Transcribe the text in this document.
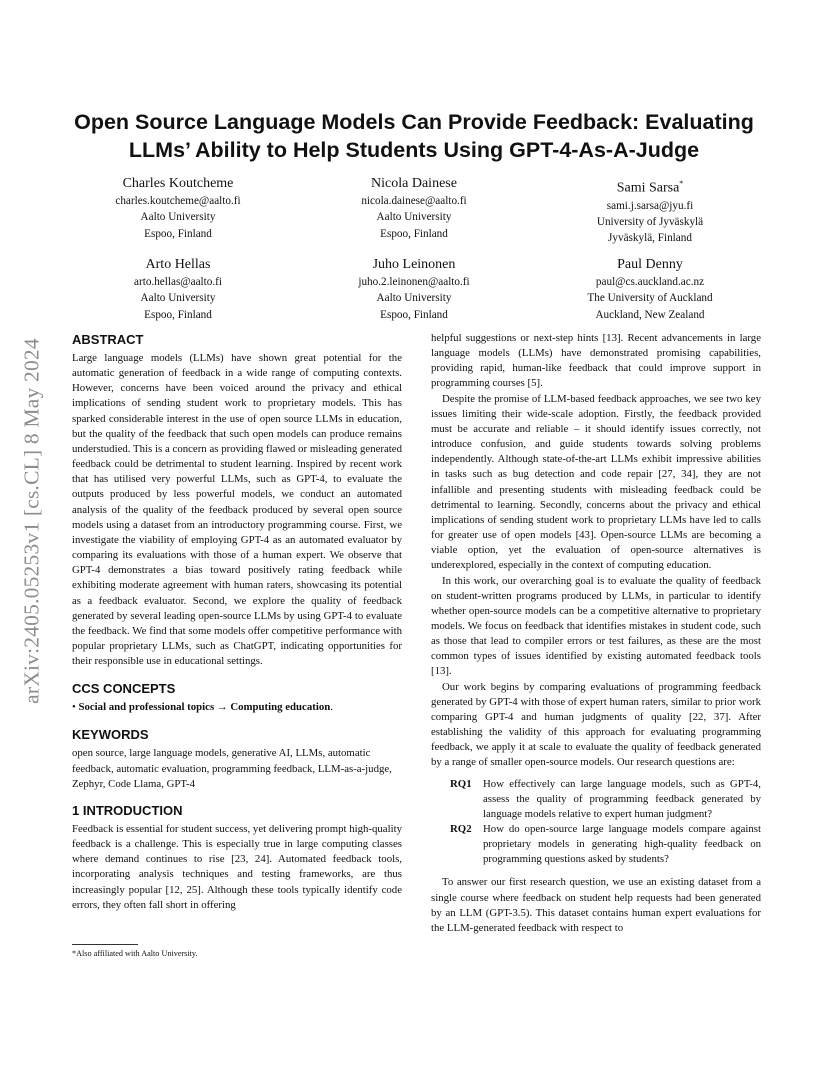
Open Source Language Models Can Provide Feedback: Evaluating LLMs’ Ability to Help Students Using GPT-4-As-A-Judge
Charles Koutcheme
charles.koutcheme@aalto.fi
Aalto University
Espoo, Finland
Nicola Dainese
nicola.dainese@aalto.fi
Aalto University
Espoo, Finland
Sami Sarsa*
sami.j.sarsa@jyu.fi
University of Jyväskylä
Jyväskylä, Finland
Arto Hellas
arto.hellas@aalto.fi
Aalto University
Espoo, Finland
Juho Leinonen
juho.2.leinonen@aalto.fi
Aalto University
Espoo, Finland
Paul Denny
paul@cs.auckland.ac.nz
The University of Auckland
Auckland, New Zealand
arXiv:2405.05253v1 [cs.CL] 8 May 2024 ABSTRACT

Large language models (LLMs) have shown great potential for the automatic generation of feedback in a wide range of computing contexts. However, concerns have been voiced around the privacy and ethical implications of sending student work to proprietary models. This has sparked considerable interest in the use of open source LLMs in education, but the quality of the feedback that such open models can produce remains understudied. This is a concern as providing flawed or misleading generated feedback could be detrimental to student learning. Inspired by recent work that has utilised very powerful LLMs, such as GPT-4, to evaluate the outputs produced by less powerful models, we conduct an automated analysis of the quality of the feedback produced by several open source models using a dataset from an introductory programming course. First, we investigate the viability of employing GPT-4 as an automated evaluator by comparing its evaluations with those of a human expert. We observe that GPT-4 demonstrates a bias toward positively rating feedback while exhibiting moderate agreement with human raters, showcasing its potential as a feedback evaluator. Second, we explore the quality of feedback generated by several leading open-source LLMs by using GPT-4 to evaluate the feedback. We find that some models offer competitive performance with popular proprietary LLMs, such as ChatGPT, indicating opportunities for their responsible use in educational settings.

CCS CONCEPTS

• Social and professional topics → Computing education.

KEYWORDS

open source, large language models, generative AI, LLMs, automatic feedback, automatic evaluation, programming feedback, LLM-as-a-judge, Zephyr, Code Llama, GPT-4

1 INTRODUCTION

Feedback is essential for student success, yet delivering prompt high-quality feedback is a challenge. This is especially true in large computing classes where demand continues to rise [23, 24]. Automated feedback tools, incorporating analysis techniques and testing frameworks, are thus increasingly popular [12, 25]. Although these tools typically identify code errors, they often fall short in offering

*Also affiliated with Aalto University.

helpful suggestions or next-step hints [13]. Recent advancements in large language models (LLMs) have demonstrated promising capabilities, providing rapid, human-like feedback that could improve support in programming courses [5].

Despite the promise of LLM-based feedback approaches, we see two key issues limiting their wide-scale adoption. Firstly, the feedback provided must be accurate and reliable – it should identify issues correctly, not introduce confusion, and guide students towards solving problems independently. Although state-of-the-art LLMs exhibit impressive abilities in tasks such as bug detection and code repair [27, 34], they are not infallible and presenting students with misleading feedback could be detrimental to learning. Secondly, concerns about the privacy and ethical implications of sending student work to proprietary LLMs have led to calls for greater use of open models [43]. Open-source LLMs are becoming a viable option, yet the evaluation of open-source alternatives is underexplored, especially in the context of computing education.

In this work, our overarching goal is to evaluate the quality of feedback on student-written programs produced by LLMs, in particular to identify whether open-source models can be a competitive alternative to proprietary models. We focus on feedback that identifies mistakes in student code, such as those that lead to compiler errors or test failures, as these are the most common types of issues identified by existing automated feedback tools [13].

Our work begins by comparing evaluations of programming feedback generated by GPT-4 with those of expert human raters, similar to prior work comparing GPT-4 and human judgments of quality [22, 37]. After establishing the validity of this approach for evaluating programming feedback, we apply it at scale to evaluate the quality of feedback generated by a range of smaller open-source models. Our research questions are:

RQ1	How effectively can large language models, such as GPT-4, assess the quality of programming feedback generated by language models relative to expert human judgment?
RQ2	How do open-source large language models compare against proprietary models in generating high-quality feedback on programming questions asked by students?

To answer our first research question, we use an existing dataset from a single course where feedback on student help requests had been generated by an LLM (GPT-3.5). This dataset contains human expert evaluations for the LLM-generated feedback with respect to
